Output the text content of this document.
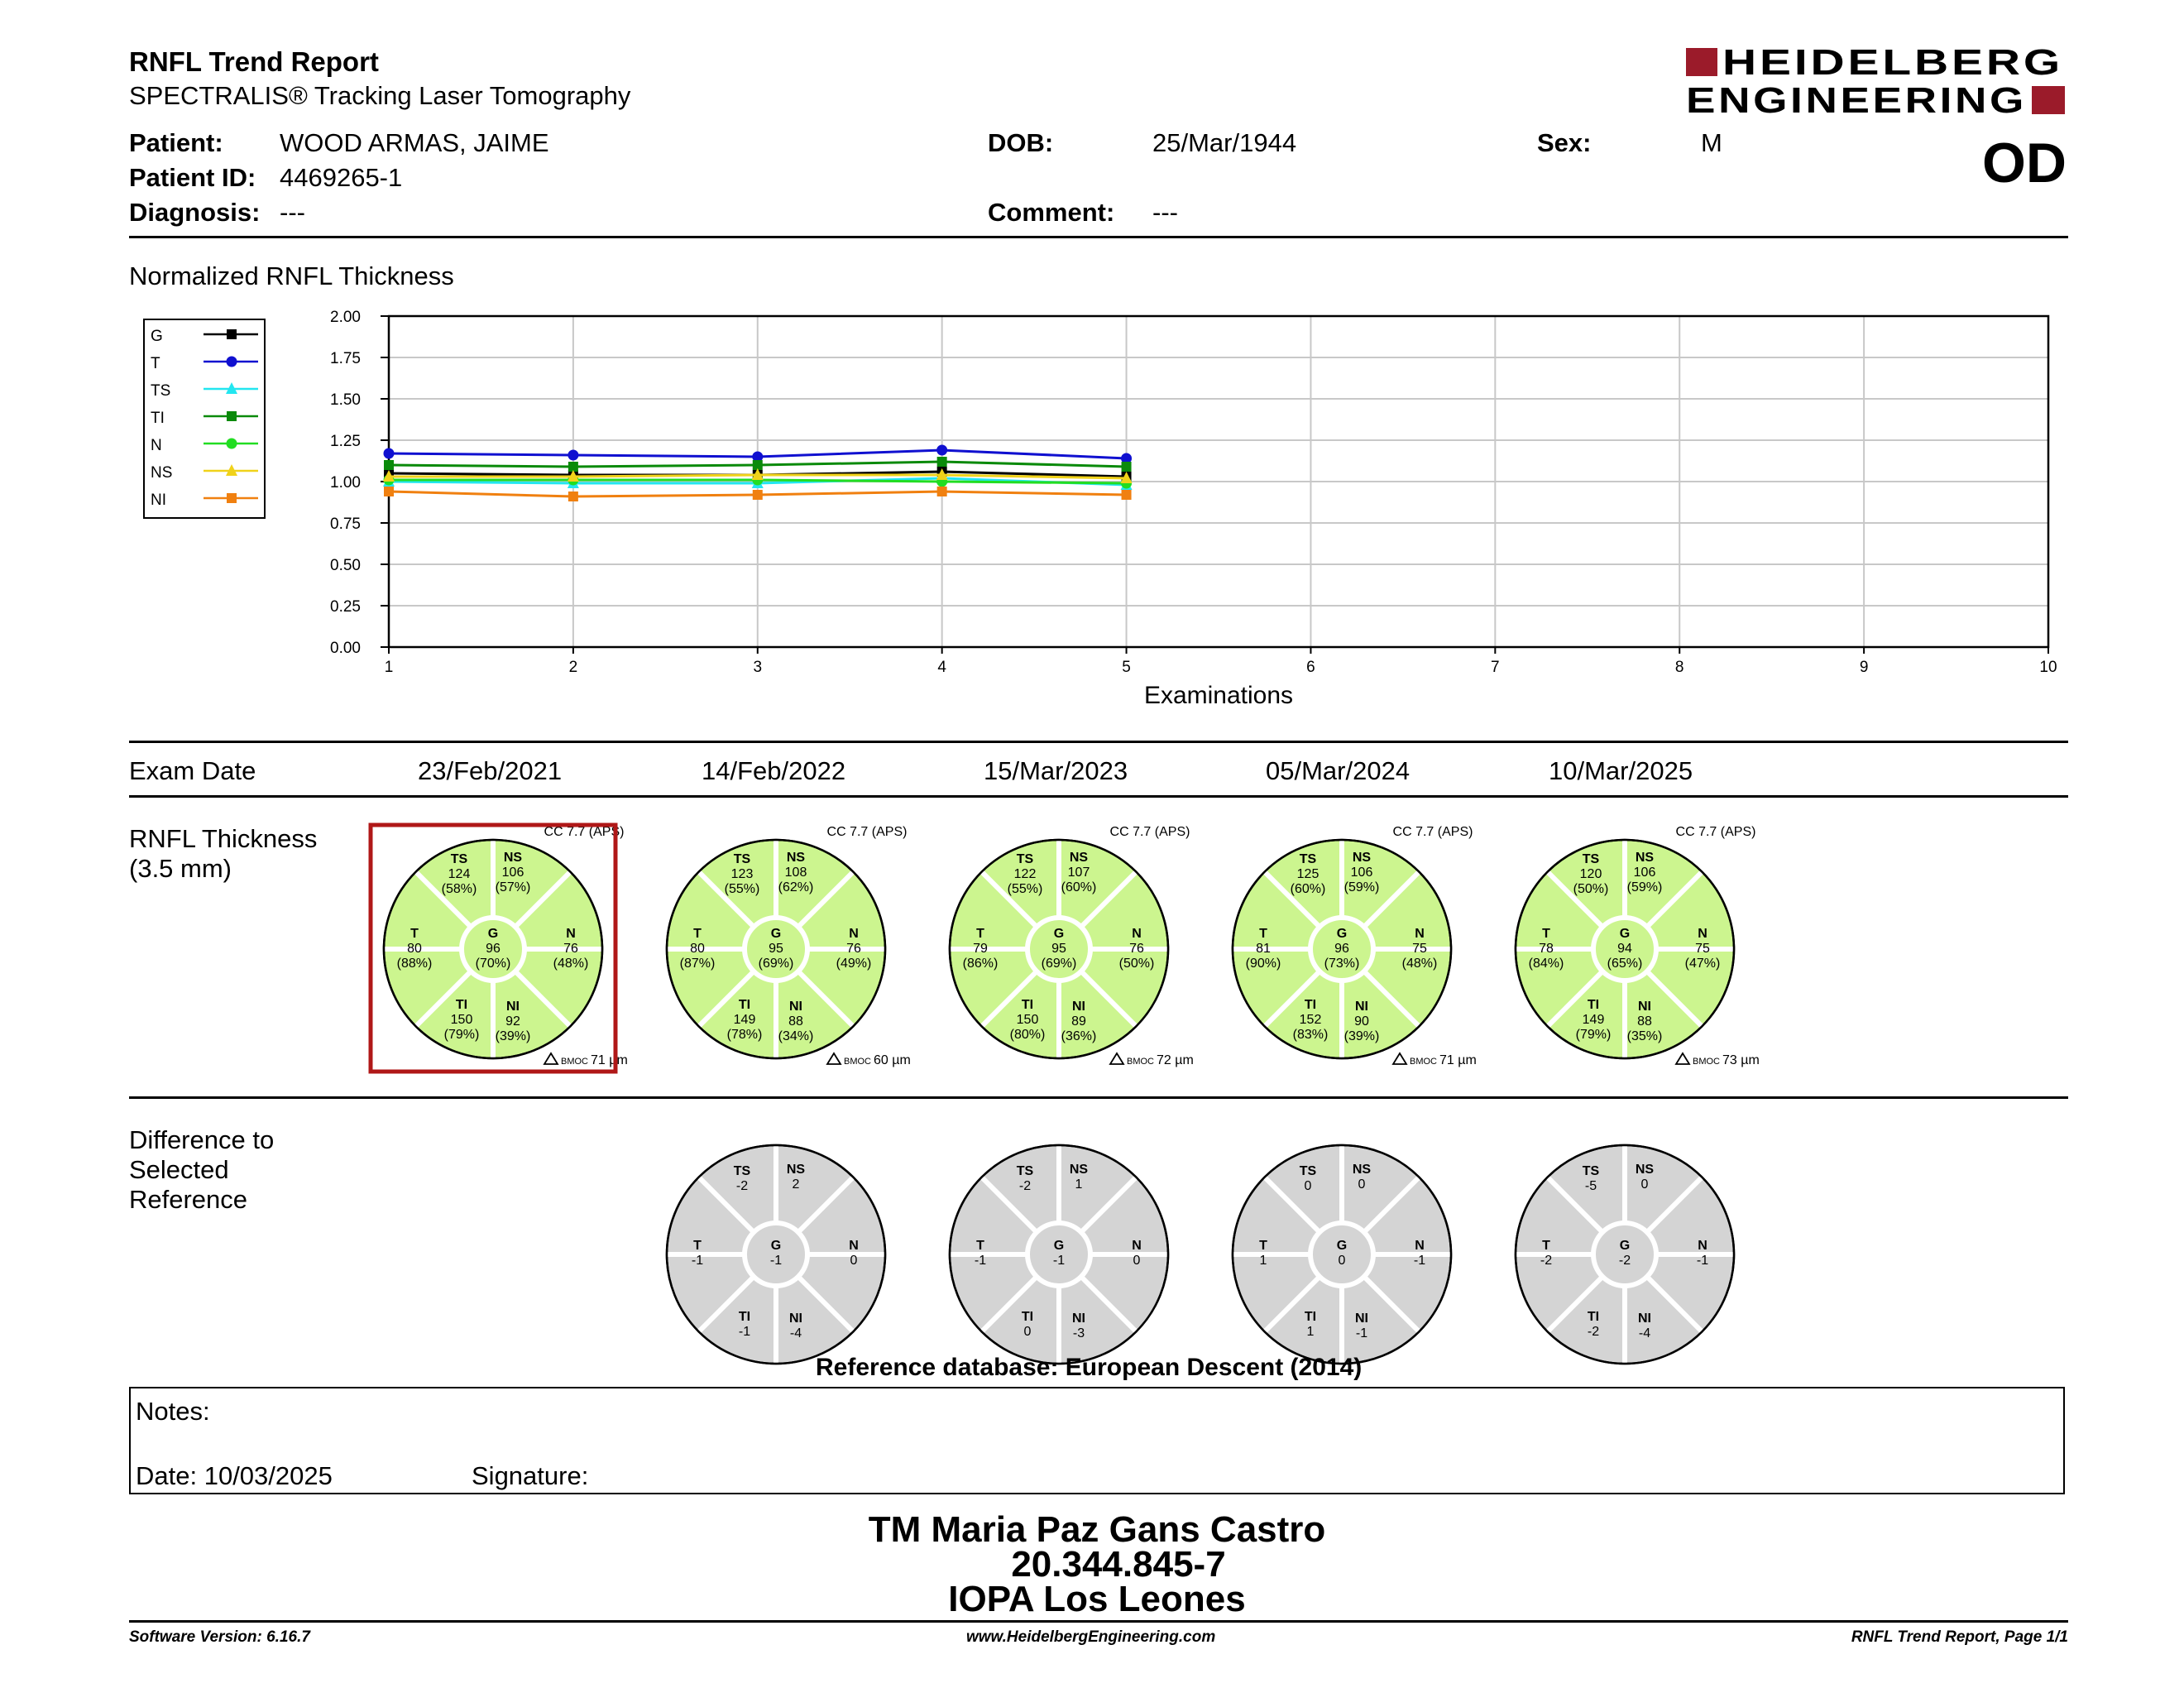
RNFL Trend Report
SPECTRALIS® Tracking Laser Tomography
HEIDELBERG
ENGINEERING
OD
Patient: WOOD ARMAS, JAIME
Patient ID: 4469265-1
Diagnosis: ---
DOB:	25/Mar/1944
Comment: ---
Sex:	M
Normalized RNFL Thickness
G
T
TS
TI
N
NS
NI
0.00
0.25
0.50
0.75
1.00
1.25
1.50
1.75
2.00
1	2	3	4	5	6	7	8	9	10
Examinations
Exam Date	23/Feb/2021	14/Feb/2022	15/Mar/2023	05/Mar/2024	10/Mar/2025
RNFL Thickness
(3.5 mm)	TS
124
(58%)
NS
106
(57%)
T
80
(88%)
G
96
(70%)
N
76
(48%)
TI
150
(79%)
NI
92
(39%)
CC 7.7 (APS)
BMOC 71 µm
TS
123
(55%)
NS
108
(62%)
T
80
(87%)
G
95
(69%)
N
76
(49%)
TI
149
(78%)
NI
88
(34%)
CC 7.7 (APS)
BMOC 60 µm
TS
122
(55%)
NS
107
(60%)
T
79
(86%)
G
95
(69%)
N
76
(50%)
TI
150
(80%)
NI
89
(36%)
CC 7.7 (APS)
BMOC 72 µm
TS
125
(60%)
NS
106
(59%)
T
81
(90%)
G
96
(73%)
N
75
(48%)
TI
152
(83%)
NI
90
(39%)
CC 7.7 (APS)
BMOC 71 µm
TS
120
(50%)
NS
106
(59%)
T
78
(84%)
G
94
(65%)
N
75
(47%)
TI
149
(79%)
NI
88
(35%)
CC 7.7 (APS)
BMOC 73 µm
Difference to
Selected
Reference
TS
-2
NS
2
T
-1
G
-1
N
0
TI
-1
NI
-4
TS
-2
NS
1
T
-1
G
-1
N
0
TI
0
NI
-3
TS
0
NS
0
T
1
G
0
N
-1
TI
1
NI
-1
TS
-5
NS
0
T
-2
G
-2
N
-1
TI
-2
NI
-4
Reference database: European Descent (2014)
Notes:
Date: 10/03/2025	Signature:
TM Maria Paz Gans Castro
20.344.845-7
IOPA Los Leones
Software Version: 6.16.7	www.HeidelbergEngineering.com	RNFL Trend Report, Page 1/1
